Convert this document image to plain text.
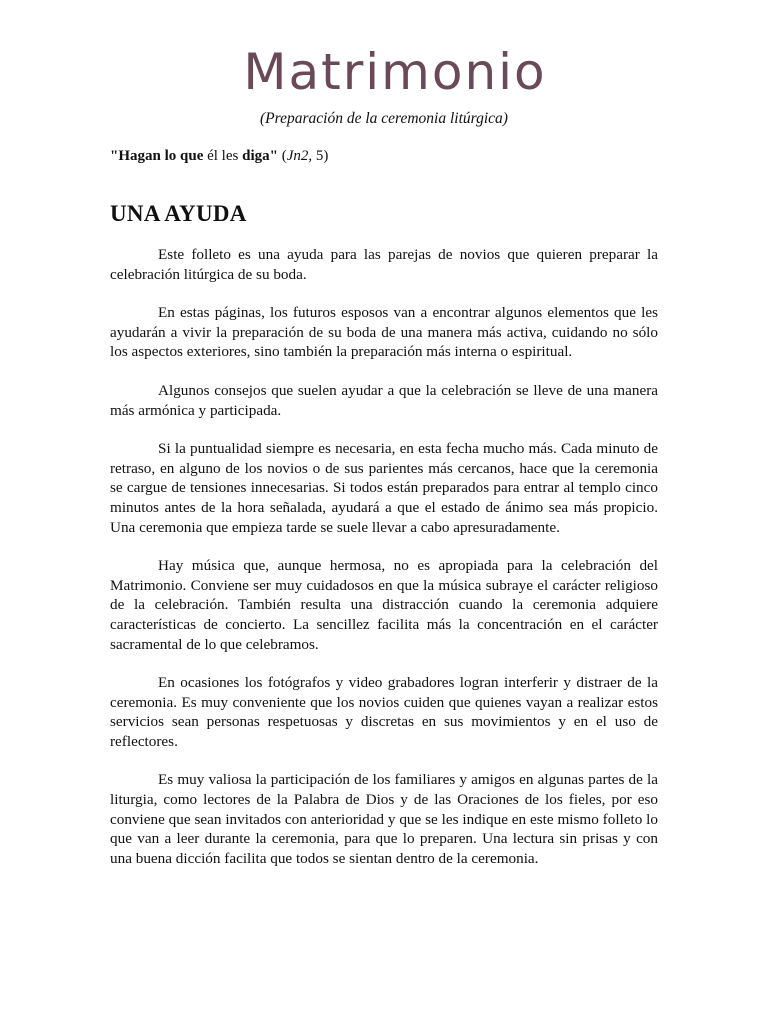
Matrimonio
(Preparación de la ceremonia litúrgica)
"Hagan lo que él les diga" (Jn2, 5)
UNA AYUDA

Este folleto es una ayuda para las parejas de novios que quieren preparar la celebración litúrgica de su boda.

En estas páginas, los futuros esposos van a encontrar algunos elementos que les ayudarán a vivir la preparación de su boda de una manera más activa, cuidando no sólo los aspectos exteriores, sino también la preparación más interna o espiritual.

Algunos consejos que suelen ayudar a que la celebración se lleve de una manera más armónica y participada.

Si la puntualidad siempre es necesaria, en esta fecha mucho más. Cada minuto de retraso, en alguno de los novios o de sus parientes más cercanos, hace que la ceremonia se cargue de tensiones innecesarias. Si todos están preparados para entrar al templo cinco minutos antes de la hora señalada, ayudará a que el estado de ánimo sea más propicio. Una ceremonia que empieza tarde se suele llevar a cabo apresuradamente.

Hay música que, aunque hermosa, no es apropiada para la celebración del Matrimonio. Conviene ser muy cuidadosos en que la música subraye el carácter religioso de la celebración. También resulta una distracción cuando la ceremonia adquiere características de concierto. La sencillez facilita más la concentración en el carácter sacramental de lo que celebramos.

En ocasiones los fotógrafos y video grabadores logran interferir y distraer de la ceremonia. Es muy conveniente que los novios cuiden que quienes vayan a realizar estos servicios sean personas respetuosas y discretas en sus movimientos y en el uso de reflectores.

Es muy valiosa la participación de los familiares y amigos en algunas partes de la liturgia, como lectores de la Palabra de Dios y de las Oraciones de los fieles, por eso conviene que sean invitados con anterioridad y que se les indique en este mismo folleto lo que van a leer durante la ceremonia, para que lo preparen. Una lectura sin prisas y con una buena dicción facilita que todos se sientan dentro de la ceremonia.
